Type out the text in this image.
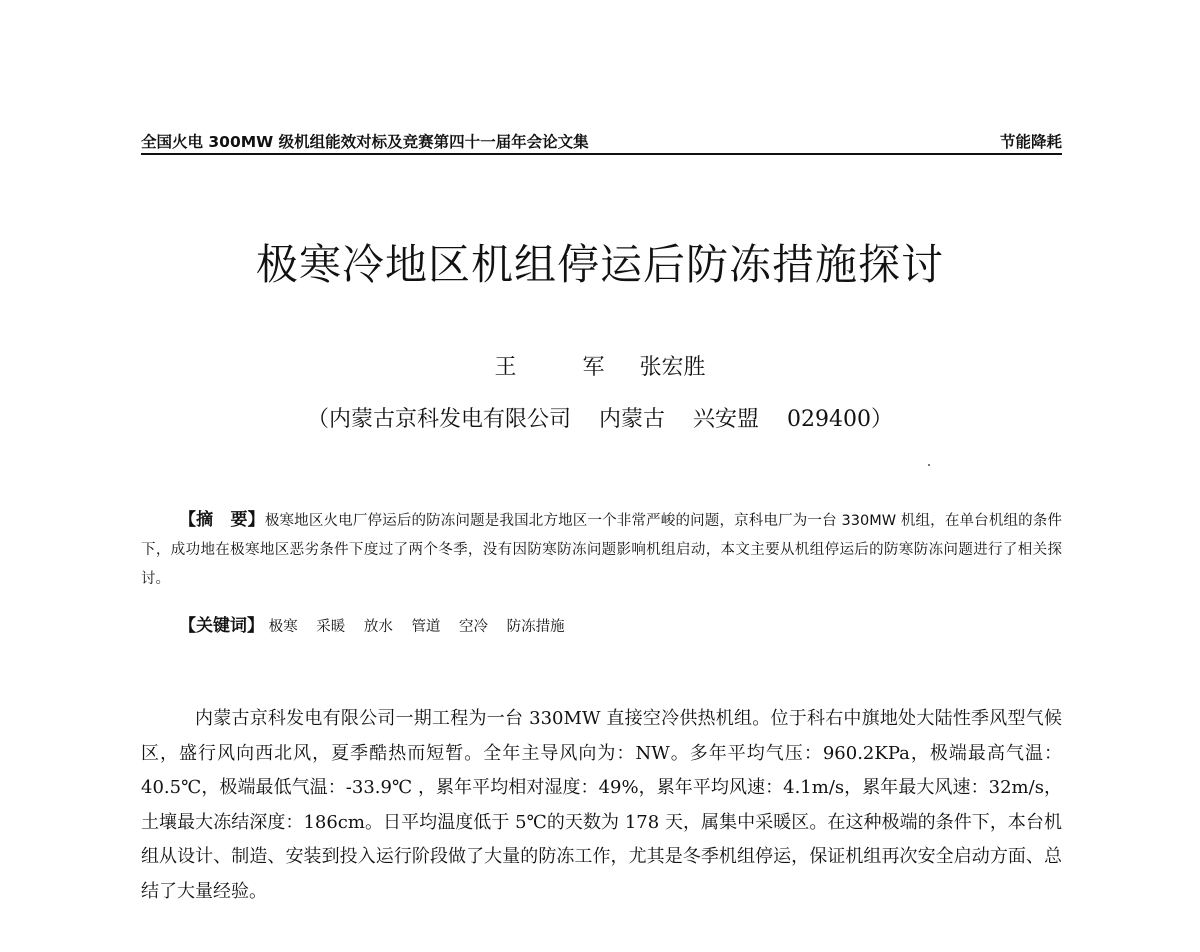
全国火电 300MW 级机组能效对标及竞赛第四十一届年会论文集	节能降耗
极寒冷地区机组停运后防冻措施探讨
王　军 张宏胜
（内蒙古京科发电有限公司 内蒙古 兴安盟 029400）
【摘　要】极寒地区火电厂停运后的防冻问题是我国北方地区一个非常严峻的问题，京科电厂为一台 330MW 机组，在单台机组的条件下，成功地在极寒地区恶劣条件下度过了两个冬季，没有因防寒防冻问题影响机组启动，本文主要从机组停运后的防寒防冻问题进行了相关探讨。
【关键词】 极寒 采暖 放水 管道 空冷 防冻措施
内蒙古京科发电有限公司一期工程为一台 330MW 直接空冷供热机组。位于科右中旗地处大陆性季风型气候区，盛行风向西北风，夏季酷热而短暂。全年主导风向为：NW。多年平均气压：960.2KPa，极端最高气温：40.5℃，极端最低气温：-33.9℃ ，累年平均相对湿度：49%，累年平均风速：4.1m/s，累年最大风速：32m/s，土壤最大冻结深度：186cm。日平均温度低于 5℃的天数为 178 天，属集中采暖区。在这种极端的条件下，本台机组从设计、制造、安装到投入运行阶段做了大量的防冻工作，尤其是冬季机组停运，保证机组再次安全启动方面、总结了大量经验。
